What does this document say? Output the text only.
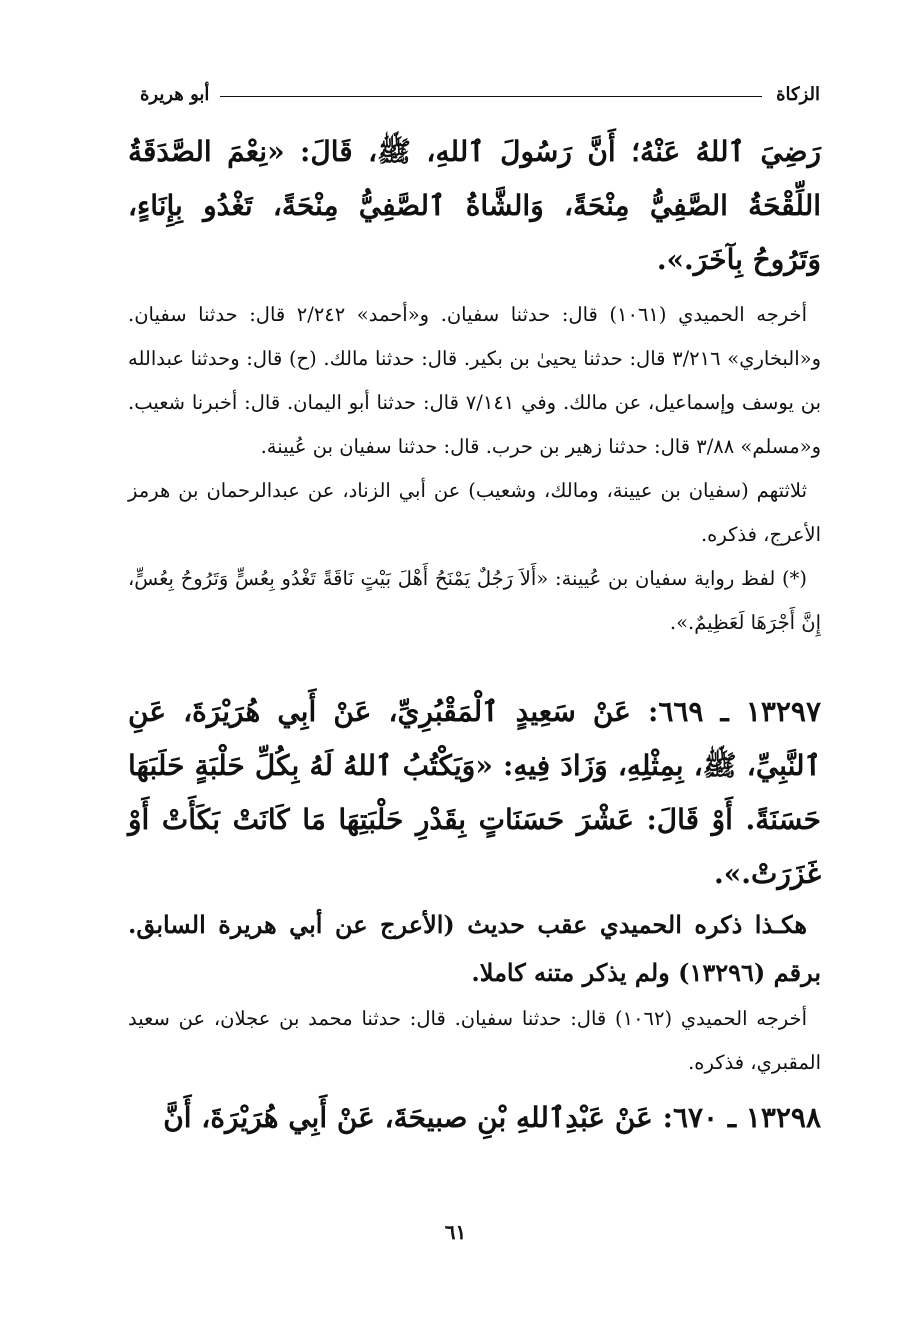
الزكاة
أبو هريرة

رَضِيَ ٱللهُ عَنْهُ؛ أَنَّ رَسُولَ ٱللهِ، ﷺ، قَالَ: «نِعْمَ الصَّدَقَةُ اللِّقْحَةُ الصَّفِيُّ مِنْحَةً، وَالشَّاةُ ٱلصَّفِيُّ مِنْحَةً، تَغْدُو بِإِنَاءٍ، وَتَرُوحُ بِآخَرَ.».

أخرجه الحميدي (١٠٦١) قال: حدثنا سفيان. و«أحمد» ٢/٢٤٢ قال: حدثنا سفيان. و«البخاري» ٣/٢١٦ قال: حدثنا يحيىٰ بن بكير. قال: حدثنا مالك. (ح) قال: وحدثنا عبدالله بن يوسف وإسماعيل، عن مالك. وفي ٧/١٤١ قال: حدثنا أبو اليمان. قال: أخبرنا شعيب. و«مسلم» ٣/٨٨ قال: حدثنا زهير بن حرب. قال: حدثنا سفيان بن عُيينة.

ثلاثتهم (سفيان بن عيينة، ومالك، وشعيب) عن أبي الزناد، عن عبدالرحمان بن هرمز الأعرج، فذكره.

(*) لفظ رواية سفيان بن عُيينة: «أَلاَ رَجُلٌ يَمْنَحُ أَهْلَ بَيْتٍ نَاقَةً تَغْدُو بِعُسٍّ وَتَرُوحُ بِعُسٍّ، إِنَّ أَجْرَهَا لَعَظِيمٌ.».

١٣٢٩٧ ـ ٦٦٩: عَنْ سَعِيدٍ ٱلْمَقْبُرِيِّ، عَنْ أَبِي هُرَيْرَةَ، عَنِ ٱلنَّبِيِّ، ﷺ، بِمِثْلِهِ، وَزَادَ فِيهِ: «وَيَكْتُبُ ٱللهُ لَهُ بِكُلِّ حَلْبَةٍ حَلَبَهَا حَسَنَةً. أَوْ قَالَ: عَشْرَ حَسَنَاتٍ بِقَدْرِ حَلْبَتِهَا مَا كَانَتْ بَكَأَتْ أَوْ غَزَرَتْ.».

هكـذا ذكره الحميدي عقب حديث (الأعرج عن أبي هريرة السابق. برقم (١٣٢٩٦) ولم يذكر متنه كاملا.

أخرجه الحميدي (١٠٦٢) قال: حدثنا سفيان. قال: حدثنا محمد بن عجلان، عن سعيد المقبري، فذكره.

١٣٢٩٨ ـ ٦٧٠: عَنْ عَبْدِٱللهِ بْنِ صبيحَةَ، عَنْ أَبِي هُرَيْرَةَ، أَنَّ

٦١
